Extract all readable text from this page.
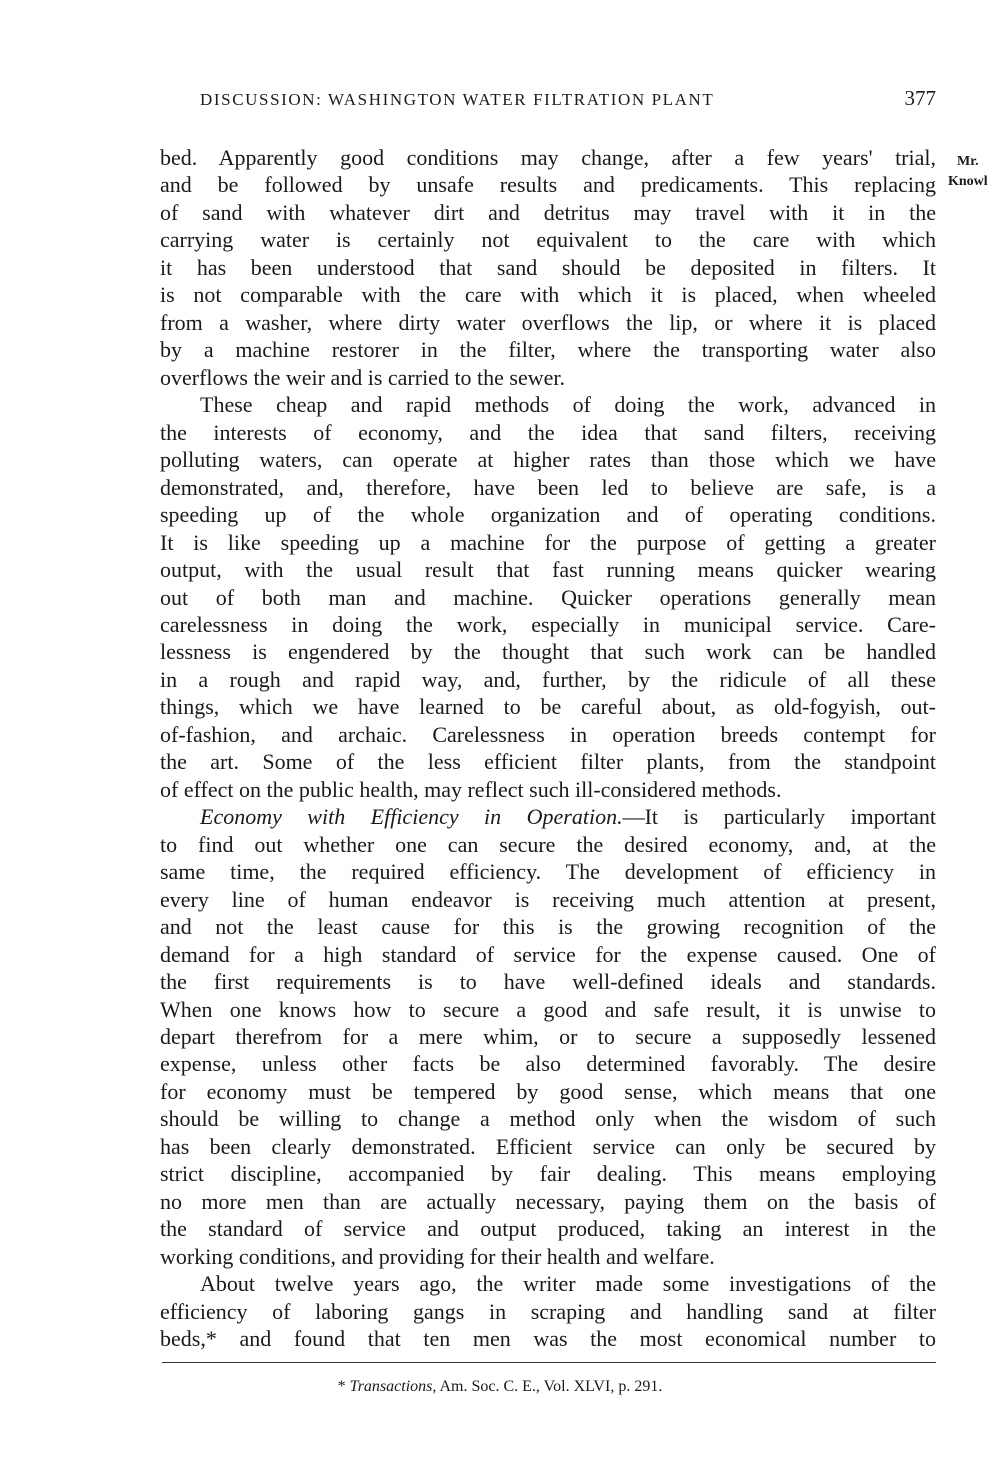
DISCUSSION: WASHINGTON WATER FILTRATION PLANT	377
Mr.
Knowl
bed. Apparently good conditions may change, after a few years' trial,
and be followed by unsafe results and predicaments. This replacing
of sand with whatever dirt and detritus may travel with it in the
carrying water is certainly not equivalent to the care with which
it has been understood that sand should be deposited in filters. It
is not comparable with the care with which it is placed, when wheeled
from a washer, where dirty water overflows the lip, or where it is placed
by a machine restorer in the filter, where the transporting water also
overflows the weir and is carried to the sewer.
These cheap and rapid methods of doing the work, advanced in
the interests of economy, and the idea that sand filters, receiving
polluting waters, can operate at higher rates than those which we have
demonstrated, and, therefore, have been led to believe are safe, is a
speeding up of the whole organization and of operating conditions.
It is like speeding up a machine for the purpose of getting a greater
output, with the usual result that fast running means quicker wearing
out of both man and machine. Quicker operations generally mean
carelessness in doing the work, especially in municipal service. Care-
lessness is engendered by the thought that such work can be handled
in a rough and rapid way, and, further, by the ridicule of all these
things, which we have learned to be careful about, as old-fogyish, out-
of-fashion, and archaic. Carelessness in operation breeds contempt for
the art. Some of the less efficient filter plants, from the standpoint
of effect on the public health, may reflect such ill-considered methods.
Economy with Efficiency in Operation.—It is particularly important
to find out whether one can secure the desired economy, and, at the
same time, the required efficiency. The development of efficiency in
every line of human endeavor is receiving much attention at present,
and not the least cause for this is the growing recognition of the
demand for a high standard of service for the expense caused. One of
the first requirements is to have well-defined ideals and standards.
When one knows how to secure a good and safe result, it is unwise to
depart therefrom for a mere whim, or to secure a supposedly lessened
expense, unless other facts be also determined favorably. The desire
for economy must be tempered by good sense, which means that one
should be willing to change a method only when the wisdom of such
has been clearly demonstrated. Efficient service can only be secured by
strict discipline, accompanied by fair dealing. This means employing
no more men than are actually necessary, paying them on the basis of
the standard of service and output produced, taking an interest in the
working conditions, and providing for their health and welfare.
About twelve years ago, the writer made some investigations of the
efficiency of laboring gangs in scraping and handling sand at filter
beds,* and found that ten men was the most economical number to
* Transactions, Am. Soc. C. E., Vol. XLVI, p. 291.
